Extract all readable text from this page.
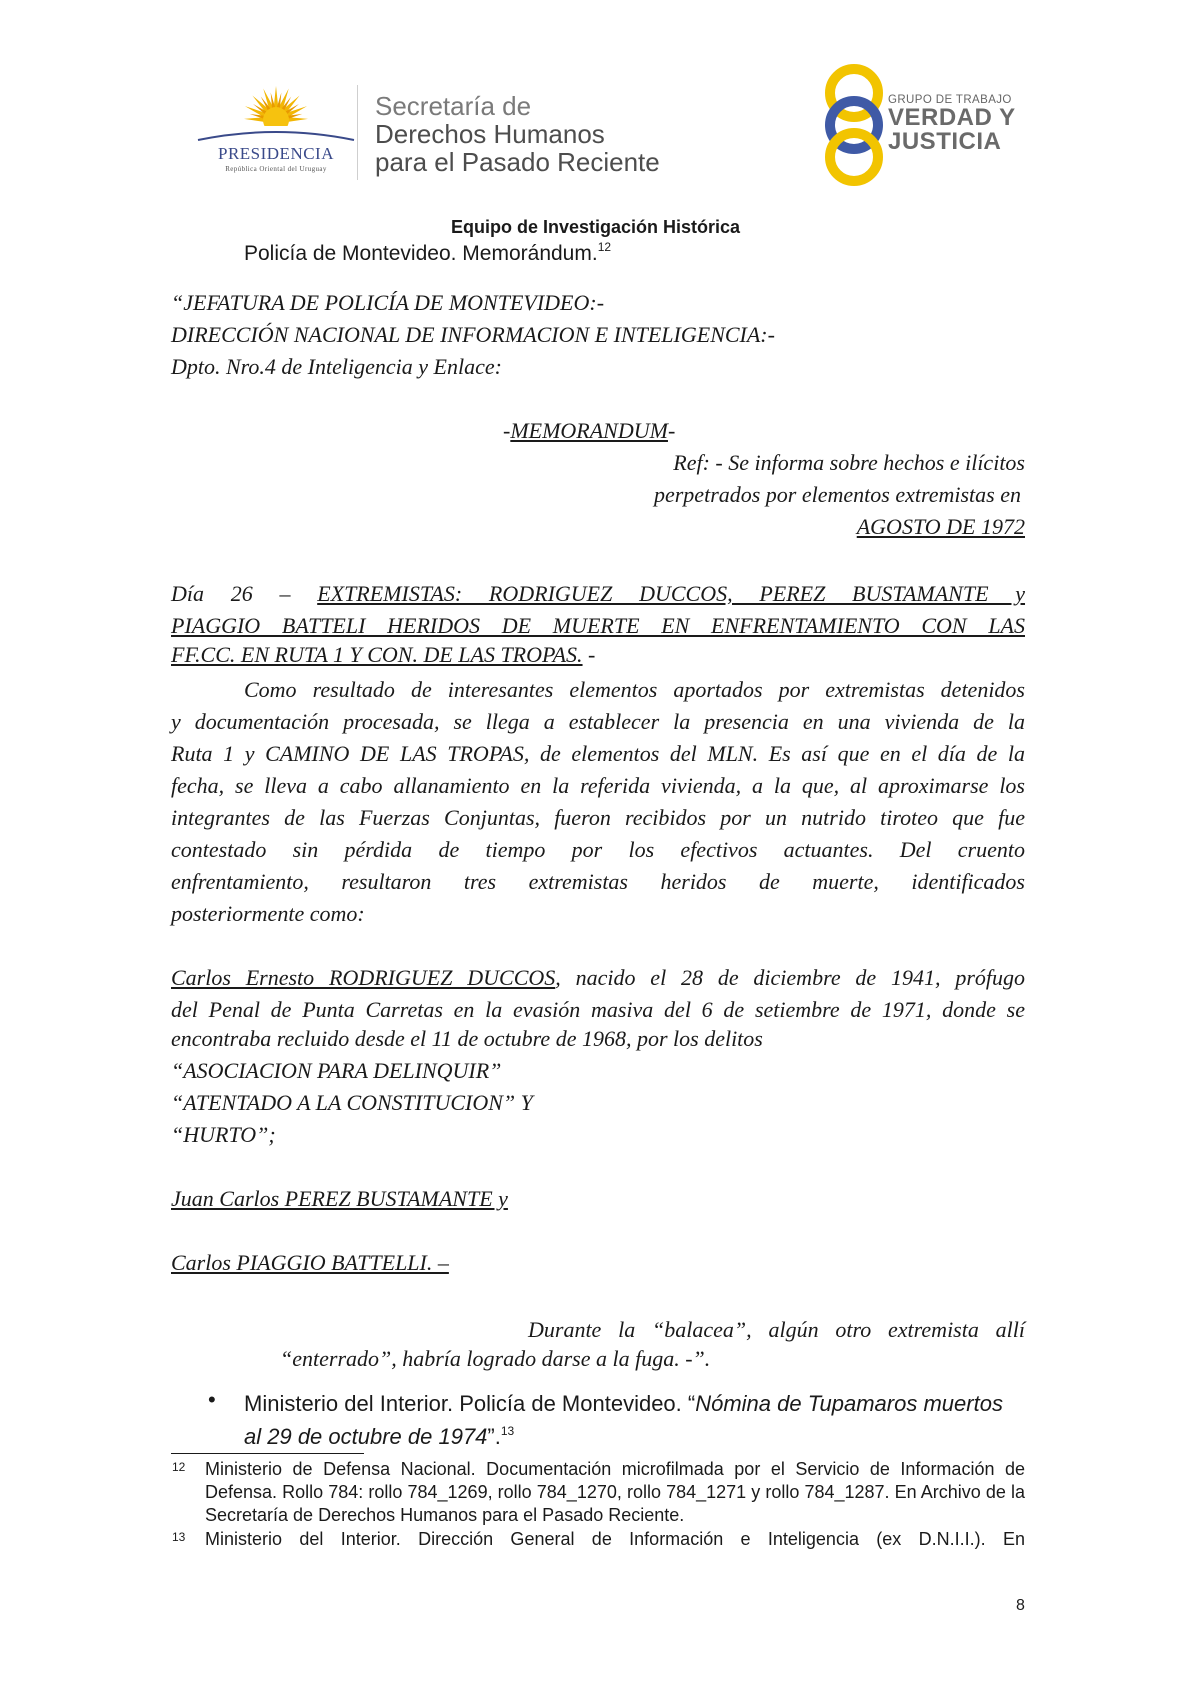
PRESIDENCIA
República Oriental del Uruguay
Secretaría de
Derechos Humanos
para el Pasado Reciente
GRUPO DE TRABAJO
VERDAD Y
JUSTICIA
Equipo de Investigación Histórica
Policía de Montevideo. Memorándum.$^{12}$
“JEFATURA DE POLICÍA DE MONTEVIDEO:-
DIRECCIÓN NACIONAL DE INFORMACION E INTELIGENCIA:-
Dpto. Nro.4 de Inteligencia y Enlace:
-MEMORANDUM-
Ref: - Se informa sobre hechos e ilícitos
perpetrados por elementos extremistas en
AGOSTO DE 1972
Día 26 – EXTREMISTAS: RODRIGUEZ DUCCOS, PEREZ BUSTAMANTE y
PIAGGIO BATTELI HERIDOS DE MUERTE EN ENFRENTAMIENTO CON LAS
FF.CC. EN RUTA 1 Y CON. DE LAS TROPAS. -
Como resultado de interesantes elementos aportados por extremistas detenidos
y documentación procesada, se llega a establecer la presencia en una vivienda de la
Ruta 1 y CAMINO DE LAS TROPAS, de elementos del MLN. Es así que en el día de la
fecha, se lleva a cabo allanamiento en la referida vivienda, a la que, al aproximarse los
integrantes de las Fuerzas Conjuntas, fueron recibidos por un nutrido tiroteo que fue
contestado sin pérdida de tiempo por los efectivos actuantes. Del cruento
enfrentamiento, resultaron tres extremistas heridos de muerte, identificados
posteriormente como:
Carlos Ernesto RODRIGUEZ DUCCOS, nacido el 28 de diciembre de 1941, prófugo
del Penal de Punta Carretas en la evasión masiva del 6 de setiembre de 1971, donde se
encontraba recluido desde el 11 de octubre de 1968, por los delitos
“ASOCIACION PARA DELINQUIR”
“ATENTADO A LA CONSTITUCION” Y
“HURTO”;
Juan Carlos PEREZ BUSTAMANTE y
Carlos PIAGGIO BATTELLI. –
Durante la “balacea”, algún otro extremista allí
“enterrado”, habría logrado darse a la fuga. -”.
• Ministerio del Interior. Policía de Montevideo. “Nómina de Tupamaros muertos al 29 de octubre de 1974”.$^{13}$
12 Ministerio de Defensa Nacional. Documentación microfilmada por el Servicio de Información de Defensa. Rollo 784: rollo 784_1269, rollo 784_1270, rollo 784_1271 y rollo 784_1287. En Archivo de la Secretaría de Derechos Humanos para el Pasado Reciente.
13 Ministerio del Interior. Dirección General de Información e Inteligencia (ex D.N.I.I.). En
8
